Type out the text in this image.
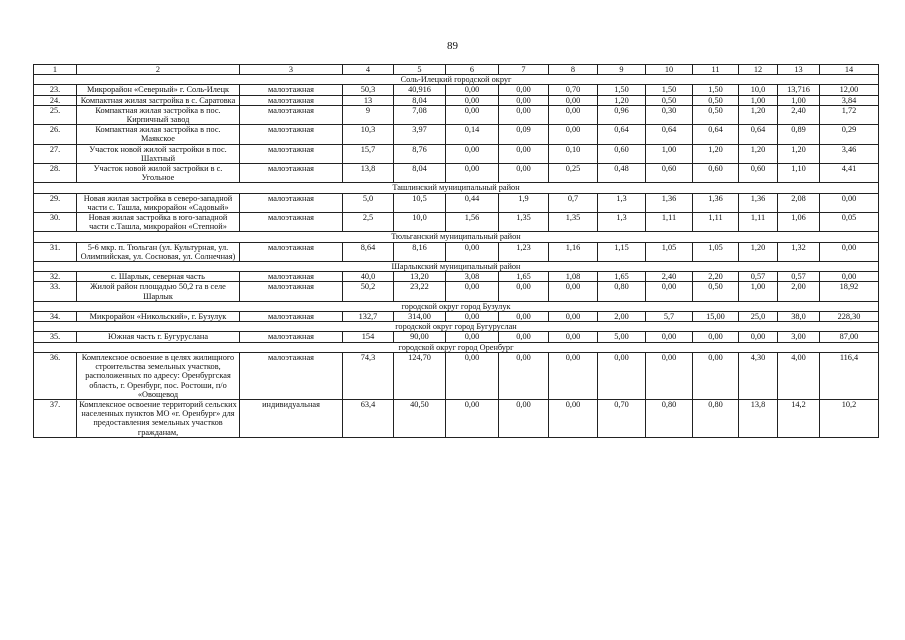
89
1	2	3	4	5	6	7	8	9	10	11	12	13	14
Соль-Илецкий городской округ													
23.	Микрорайон «Северный» г. Соль-Илецк	малоэтажная	50,3	40,916	0,00	0,00	0,70	1,50	1,50	1,50	10,0	13,716	12,00
24.	Компактная жилая застройка в с. Саратовка	малоэтажная	13	8,04	0,00	0,00	0,00	1,20	0,50	0,50	1,00	1,00	3,84
25.	Компактная жилая застройка в пос. Кирпичный завод	малоэтажная	9	7,08	0,00	0,00	0,00	0,96	0,30	0,50	1,20	2,40	1,72
26.	Компактная жилая застройка в пос. Маякское	малоэтажная	10,3	3,97	0,14	0,09	0,00	0,64	0,64	0,64	0,64	0,89	0,29
27.	Участок новой жилой застройки в пос. Шахтный	малоэтажная	15,7	8,76	0,00	0,00	0,10	0,60	1,00	1,20	1,20	1,20	3,46
28.	Участок новой жилой застройки в с. Угольное	малоэтажная	13,8	8,04	0,00	0,00	0,25	0,48	0,60	0,60	0,60	1,10	4,41
Ташлинский муниципальный район													
29.	Новая жилая застройка в северо-западной части с. Ташла, микрорайон «Садовый»	малоэтажная	5,0	10,5	0,44	1,9	0,7	1,3	1,36	1,36	1,36	2,08	0,00
30.	Новая жилая застройка в юго-западной части с.Ташла, микрорайон «Степной»	малоэтажная	2,5	10,0	1,56	1,35	1,35	1,3	1,11	1,11	1,11	1,06	0,05
Тюльганский муниципальный район													
31.	5-6 мкр. п. Тюльган (ул. Культурная, ул. Олимпийская, ул. Сосновая, ул. Солнечная)	малоэтажная	8,64	8,16	0,00	1,23	1,16	1,15	1,05	1,05	1,20	1,32	0,00
Шарлыкский муниципальный район													
32.	с. Шарлык, северная часть	малоэтажная	40,0	13,20	3,08	1,65	1,08	1,65	2,40	2,20	0,57	0,57	0,00
33.	Жилой район площадью 50,2 га в селе Шарлык	малоэтажная	50,2	23,22	0,00	0,00	0,00	0,80	0,00	0,50	1,00	2,00	18,92
городской округ город Бузулук													
34.	Микрорайон «Никольский», г. Бузулук	малоэтажная	132,7	314,00	0,00	0,00	0,00	2,00	5,7	15,00	25,0	38,0	228,30
городской округ город Бугуруслан													
35.	Южная часть г. Бугуруслана	малоэтажная	154	90,00	0,00	0,00	0,00	5,00	0,00	0,00	0,00	3,00	87,00
городской округ город Оренбург													
36.	Комплексное освоение в целях жилищного строительства земельных участков, расположенных по адресу: Оренбургская область, г. Оренбург, пос. Ростоши, п/о «Овощевод	малоэтажная	74,3	124,70	0,00	0,00	0,00	0,00	0,00	0,00	4,30	4,00	116,4
37.	Комплексное освоение территорий сельских населенных пунктов МО «г. Оренбург» для предоставления земельных участков гражданам,	индивидуальная	63,4	40,50	0,00	0,00	0,00	0,70	0,80	0,80	13,8	14,2	10,2
